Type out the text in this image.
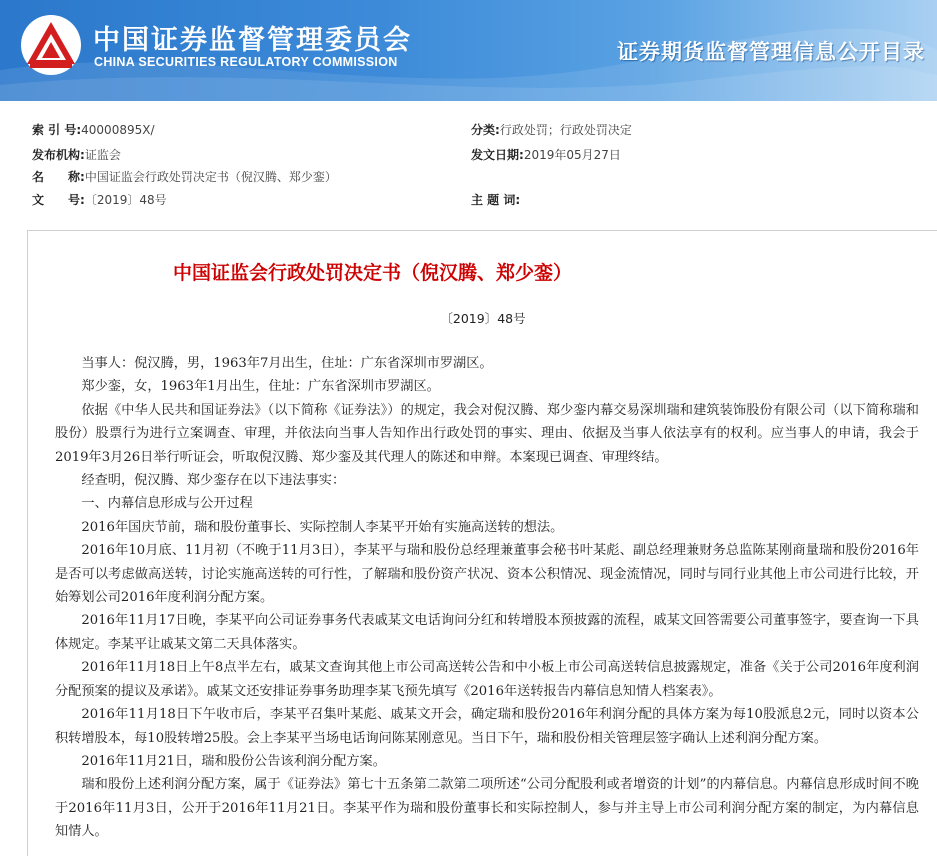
中国证券监督管理委员会
CHINA SECURITIES REGULATORY COMMISSION	证券期货监督管理信息公开目录
索 引 号:40000895X/	分类:行政处罚；行政处罚决定
发布机构:证监会	发文日期:2019年05月27日
名　　称:中国证监会行政处罚决定书（倪汉腾、郑少銮）
文　　号:〔2019〕48号	主 题 词:
中国证监会行政处罚决定书（倪汉腾、郑少銮）
〔2019〕48号

当事人：倪汉腾，男，1963年7月出生，住址：广东省深圳市罗湖区。

郑少銮，女，1963年1月出生，住址：广东省深圳市罗湖区。

依据《中华人民共和国证券法》（以下简称《证券法》）的规定，我会对倪汉腾、郑少銮内幕交易深圳瑞和建筑装饰股份有限公司（以下简称瑞和股份）股票行为进行立案调查、审理，并依法向当事人告知作出行政处罚的事实、理由、依据及当事人依法享有的权利。应当事人的申请，我会于2019年3月26日举行听证会，听取倪汉腾、郑少銮及其代理人的陈述和申辩。本案现已调查、审理终结。

经查明，倪汉腾、郑少銮存在以下违法事实：

一、内幕信息形成与公开过程

2016年国庆节前，瑞和股份董事长、实际控制人李某平开始有实施高送转的想法。

2016年10月底、11月初（不晚于11月3日），李某平与瑞和股份总经理兼董事会秘书叶某彪、副总经理兼财务总监陈某刚商量瑞和股份2016年是否可以考虑做高送转，讨论实施高送转的可行性，了解瑞和股份资产状况、资本公积情况、现金流情况，同时与同行业其他上市公司进行比较，开始筹划公司2016年度利润分配方案。

2016年11月17日晚，李某平向公司证券事务代表戚某文电话询问分红和转增股本预披露的流程，戚某文回答需要公司董事签字，要查询一下具体规定。李某平让戚某文第二天具体落实。

2016年11月18日上午8点半左右，戚某文查询其他上市公司高送转公告和中小板上市公司高送转信息披露规定，准备《关于公司2016年度利润分配预案的提议及承诺》。戚某文还安排证券事务助理李某飞预先填写《2016年送转报告内幕信息知情人档案表》。

2016年11月18日下午收市后，李某平召集叶某彪、戚某文开会，确定瑞和股份2016年利润分配的具体方案为每10股派息2元，同时以资本公积转增股本，每10股转增25股。会上李某平当场电话询问陈某刚意见。当日下午，瑞和股份相关管理层签字确认上述利润分配方案。

2016年11月21日，瑞和股份公告该利润分配方案。

瑞和股份上述利润分配方案，属于《证券法》第七十五条第二款第二项所述“公司分配股利或者增资的计划”的内幕信息。内幕信息形成时间不晚于2016年11月3日，公开于2016年11月21日。李某平作为瑞和股份董事长和实际控制人，参与并主导上市公司利润分配方案的制定，为内幕信息知情人。
